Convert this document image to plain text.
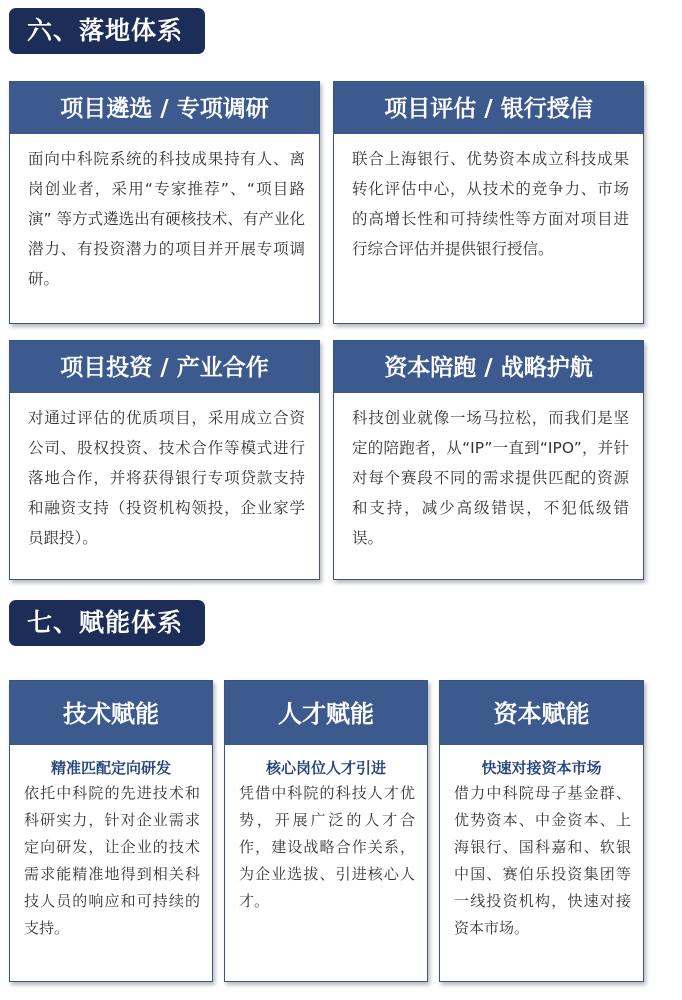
六、落地体系
项目遴选 / 专项调研
面向中科院系统的科技成果持有人、离岗创业者，采用“专家推荐”、“项目路演” 等方式遴选出有硬核技术、有产业化潜力、有投资潜力的项目并开展专项调研。
项目评估 / 银行授信
联合上海银行、优势资本成立科技成果转化评估中心，从技术的竞争力、市场的高增长性和可持续性等方面对项目进行综合评估并提供银行授信。
项目投资 / 产业合作
对通过评估的优质项目，采用成立合资公司、股权投资、技术合作等模式进行落地合作，并将获得银行专项贷款支持和融资支持（投资机构领投，企业家学员跟投）。
资本陪跑 / 战略护航
科技创业就像一场马拉松，而我们是坚定的陪跑者，从“IP”一直到“IPO”，并针对每个赛段不同的需求提供匹配的资源和支持，减少高级错误，不犯低级错误。
七、赋能体系
技术赋能
精准匹配定向研发
依托中科院的先进技术和科研实力，针对企业需求定向研发，让企业的技术需求能精准地得到相关科技人员的响应和可持续的支持。
人才赋能
核心岗位人才引进
凭借中科院的科技人才优势，开展广泛的人才合作，建设战略合作关系，为企业选拔、引进核心人才。
资本赋能
快速对接资本市场
借力中科院母子基金群、优势资本、中金资本、上海银行、国科嘉和、软银中国、赛伯乐投资集团等一线投资机构，快速对接资本市场。
